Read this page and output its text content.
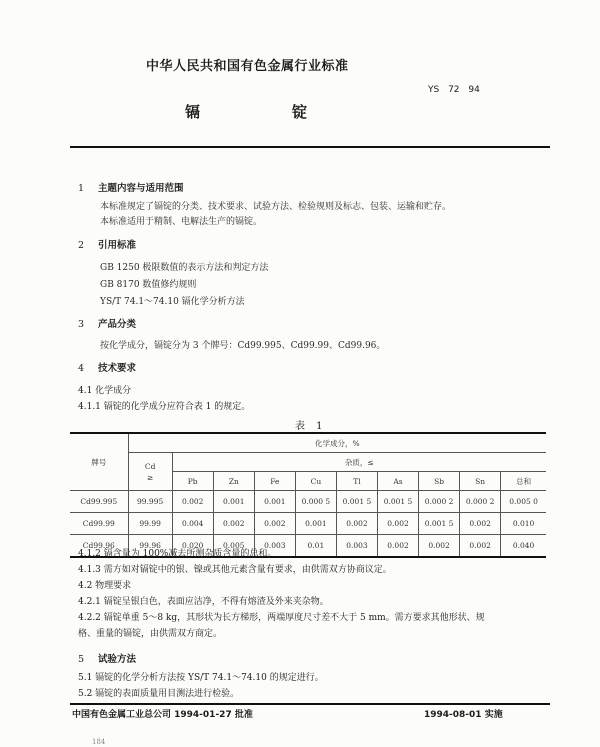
中华人民共和国有色金属行业标准
YS 72 94
镉	锭
1 主题内容与适用范围
本标准规定了镉锭的分类、技术要求、试验方法、检验规则及标志、包装、运输和贮存。
本标准适用于精制、电解法生产的镉锭。
2 引用标准
GB 1250 极限数值的表示方法和判定方法
GB 8170 数值修约规则
YS/T 74.1～74.10 镉化学分析方法
3 产品分类
按化学成分，镉锭分为 3 个牌号：Cd99.995、Cd99.99、Cd99.96。
4 技术要求
4.1 化学成分
4.1.1 镉锭的化学成分应符合表 1 的规定。
表 1
牌号	化学成分，%									

	Cd
≥	杂质，≤								
		Pb	Zn	Fe	Cu	Tl	As	Sb	Sn	总和
Cd99.995	99.995	0.002	0.001	0.001	0.000 5	0.001 5	0.001 5	0.000 2	0.000 2	0.005 0
Cd99.99	99.99	0.004	0.002	0.002	0.001	0.002	0.002	0.001 5	0.002	0.010
Cd99.96	99.96	0.020	0.005	0.003	0.01	0.003	0.002	0.002	0.002	0.040
4.1.2 镉含量为 100%减去所测杂质含量的总和。
4.1.3 需方如对镉锭中的银、镍或其他元素含量有要求，由供需双方协商议定。
4.2 物理要求
4.2.1 镉锭呈银白色，表面应洁净，不得有熔渣及外来夹杂物。
4.2.2 镉锭单重 5～8 kg，其形状为长方梯形，两端厚度尺寸差不大于 5 mm。需方要求其他形状、规
格、重量的镉锭，由供需双方商定。
5 试验方法
5.1 镉锭的化学分析方法按 YS/T 74.1～74.10 的规定进行。
5.2 镉锭的表面质量用目测法进行检验。
中国有色金属工业总公司 1994-01-27 批准	1994-08-01 实施
184
